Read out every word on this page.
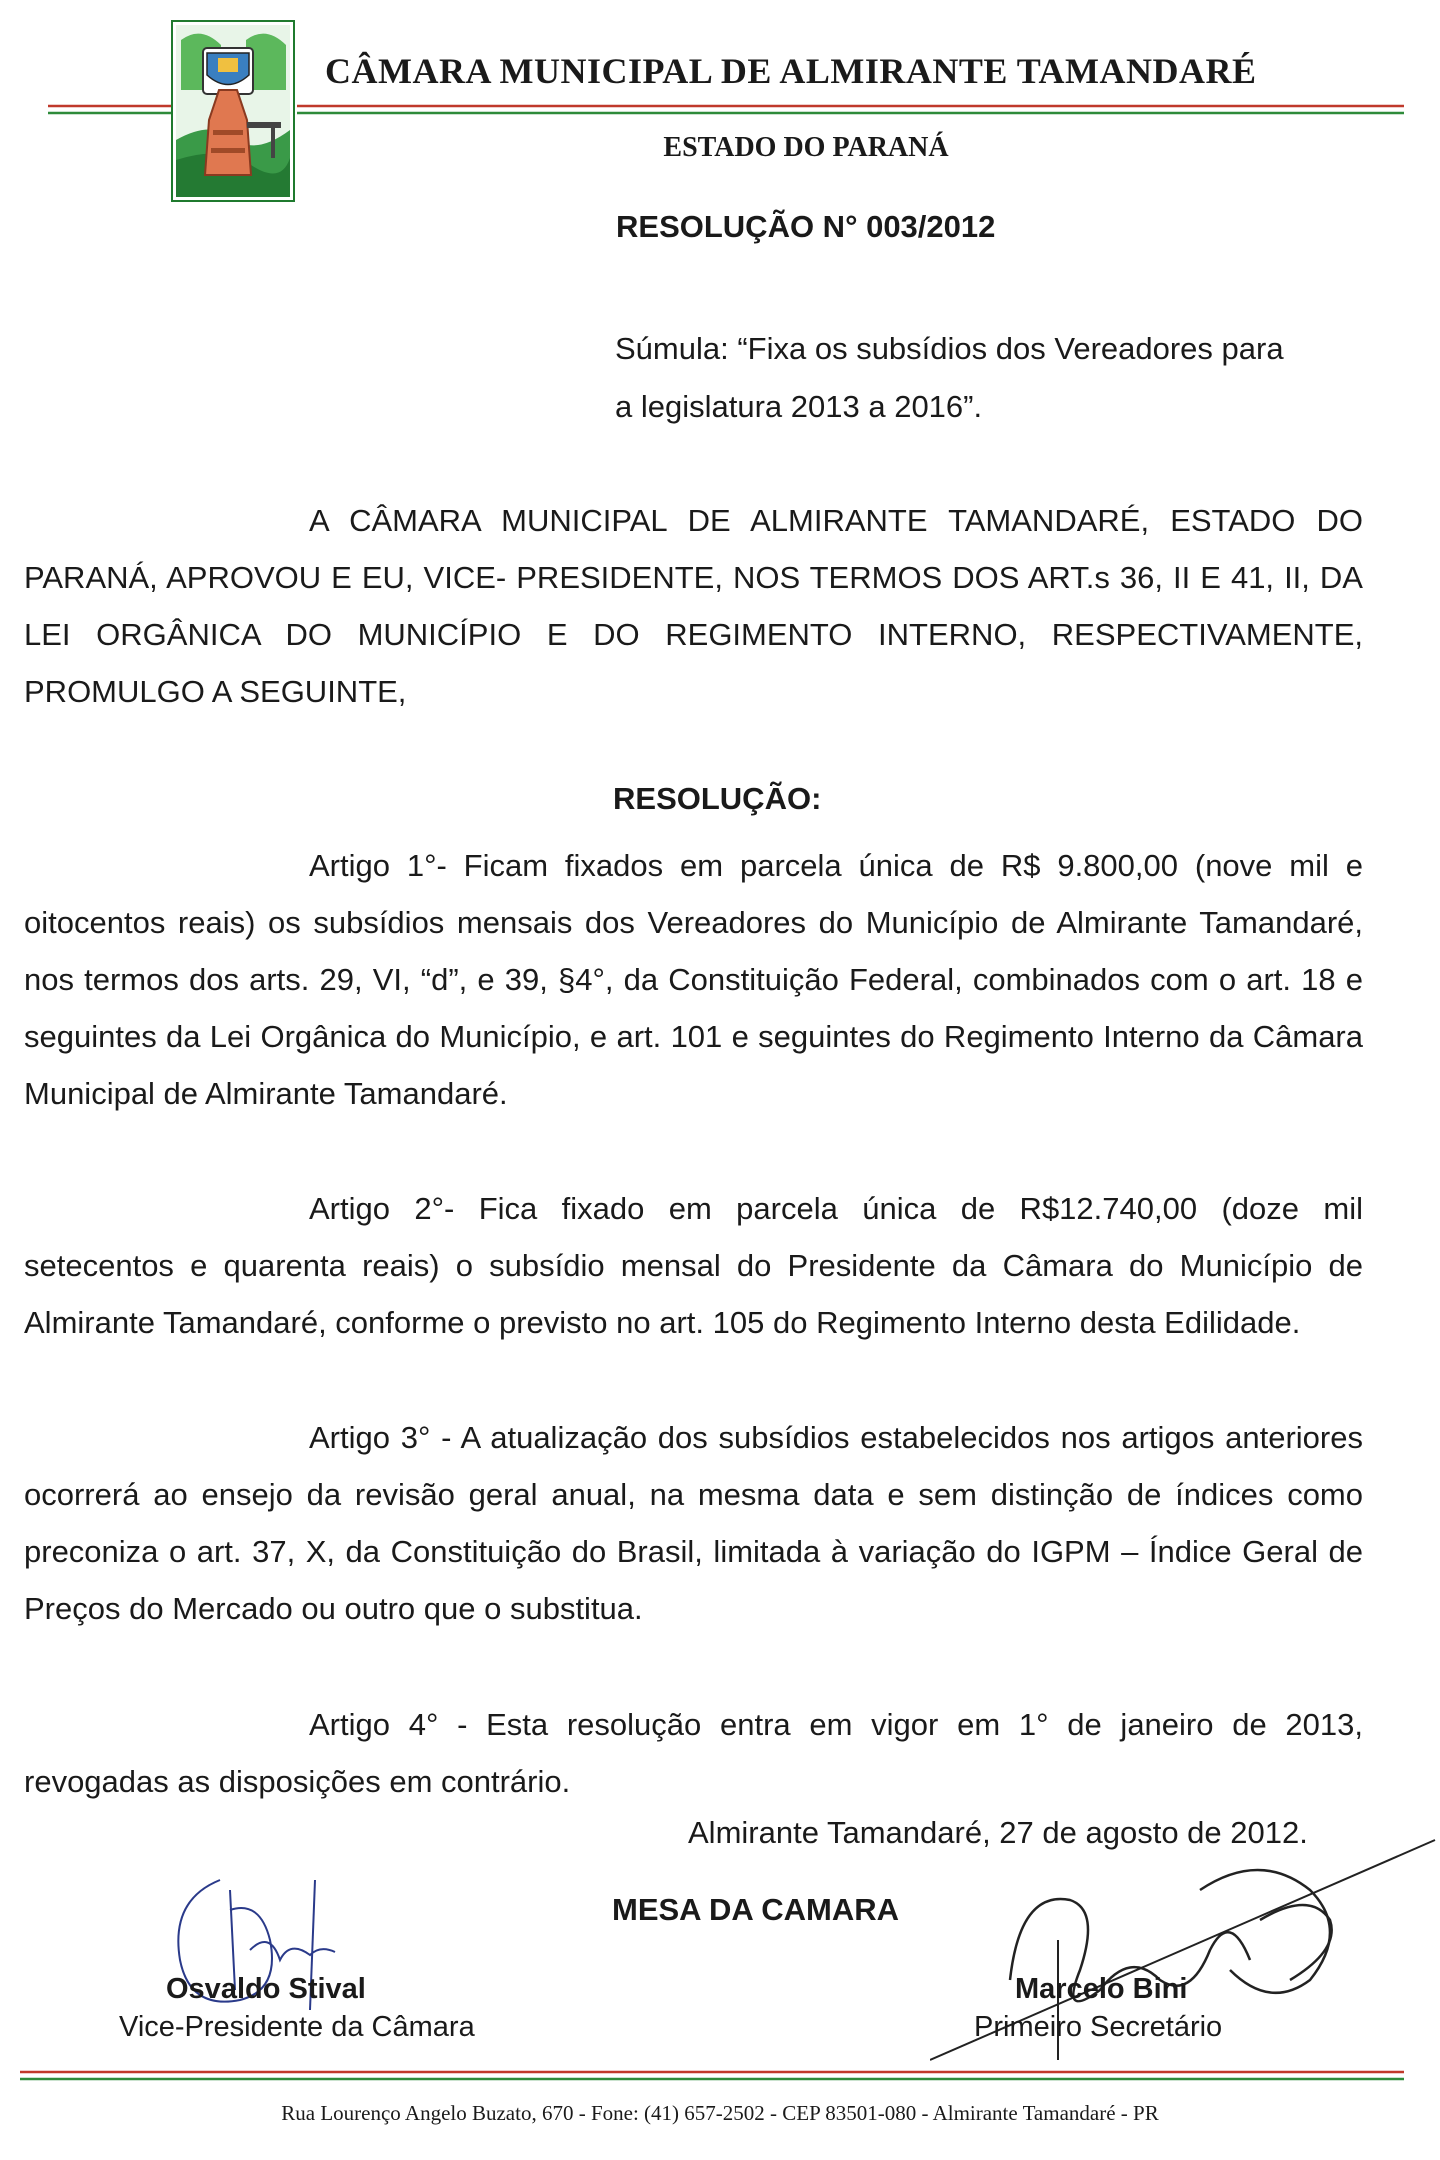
CÂMARA MUNICIPAL DE ALMIRANTE TAMANDARÉ
ESTADO DO PARANÁ
RESOLUÇÃO N° 003/2012
Súmula: “Fixa os subsídios dos Vereadores para
a legislatura 2013 a 2016”.
A CÂMARA MUNICIPAL DE ALMIRANTE TAMANDARÉ, ESTADO DO PARANÁ, APROVOU E EU, VICE- PRESIDENTE, NOS TERMOS DOS ART.s 36, II E 41, II, DA LEI ORGÂNICA DO MUNICÍPIO E DO REGIMENTO INTERNO, RESPECTIVAMENTE, PROMULGO A SEGUINTE,
RESOLUÇÃO:
Artigo 1°- Ficam fixados em parcela única de R$ 9.800,00 (nove mil e oitocentos reais) os subsídios mensais dos Vereadores do Município de Almirante Tamandaré, nos termos dos arts. 29, VI, “d”, e 39, §4°, da Constituição Federal, combinados com o art. 18 e seguintes da Lei Orgânica do Município, e art. 101 e seguintes do Regimento Interno da Câmara Municipal de Almirante Tamandaré.
Artigo 2°- Fica fixado em parcela única de R$12.740,00 (doze mil setecentos e quarenta reais) o subsídio mensal do Presidente da Câmara do Município de Almirante Tamandaré, conforme o previsto no art. 105 do Regimento Interno desta Edilidade.
Artigo 3° - A atualização dos subsídios estabelecidos nos artigos anteriores ocorrerá ao ensejo da revisão geral anual, na mesma data e sem distinção de índices como preconiza o art. 37, X, da Constituição do Brasil, limitada à variação do IGPM – Índice Geral de Preços do Mercado ou outro que o substitua.
Artigo 4° - Esta resolução entra em vigor em 1° de janeiro de 2013, revogadas as disposições em contrário.
Almirante Tamandaré, 27 de agosto de 2012.
MESA DA CAMARA
Osvaldo Stival
Vice-Presidente da Câmara
Marcelo Bini
Primeiro Secretário
Rua Lourenço Angelo Buzato, 670 - Fone: (41) 657-2502 - CEP 83501-080 - Almirante Tamandaré - PR
